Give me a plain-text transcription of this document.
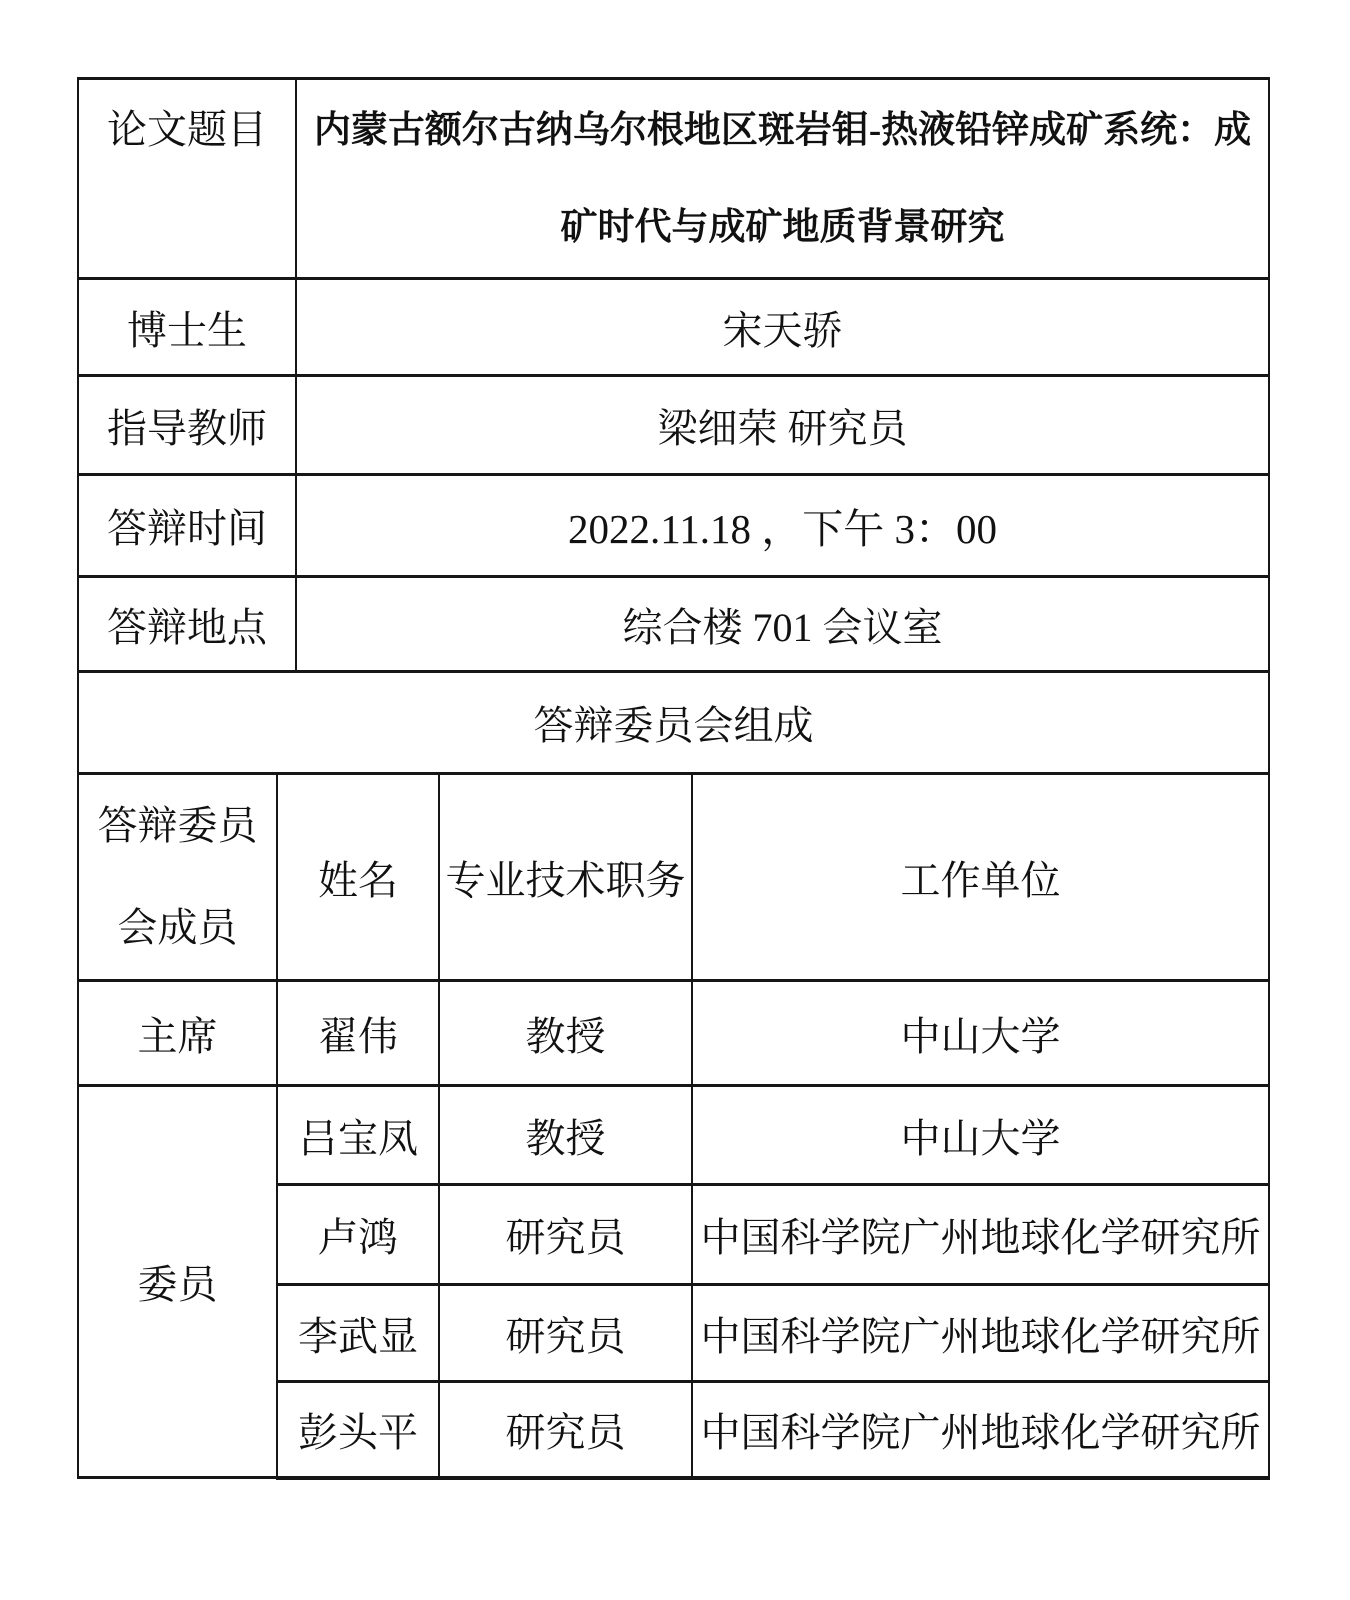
论文题目		内蒙古额尔古纳乌尔根地区斑岩钼-热液铅锌成矿系统：成
矿时代与成矿地质背景研究		

博士生		宋天骄		
指导教师		梁细荣 研究员		
答辩时间		2022.11.18 ，下午 3：00		
答辩地点		综合楼 701 会议室		
答辩委员会组成				

答辩委员
会成员	姓名		专业技术职务	工作单位
主席	翟伟		教授	中山大学
委员	吕宝凤		教授	中山大学
	卢鸿		研究员	中国科学院广州地球化学研究所
	李武显		研究员	中国科学院广州地球化学研究所
	彭头平		研究员	中国科学院广州地球化学研究所
